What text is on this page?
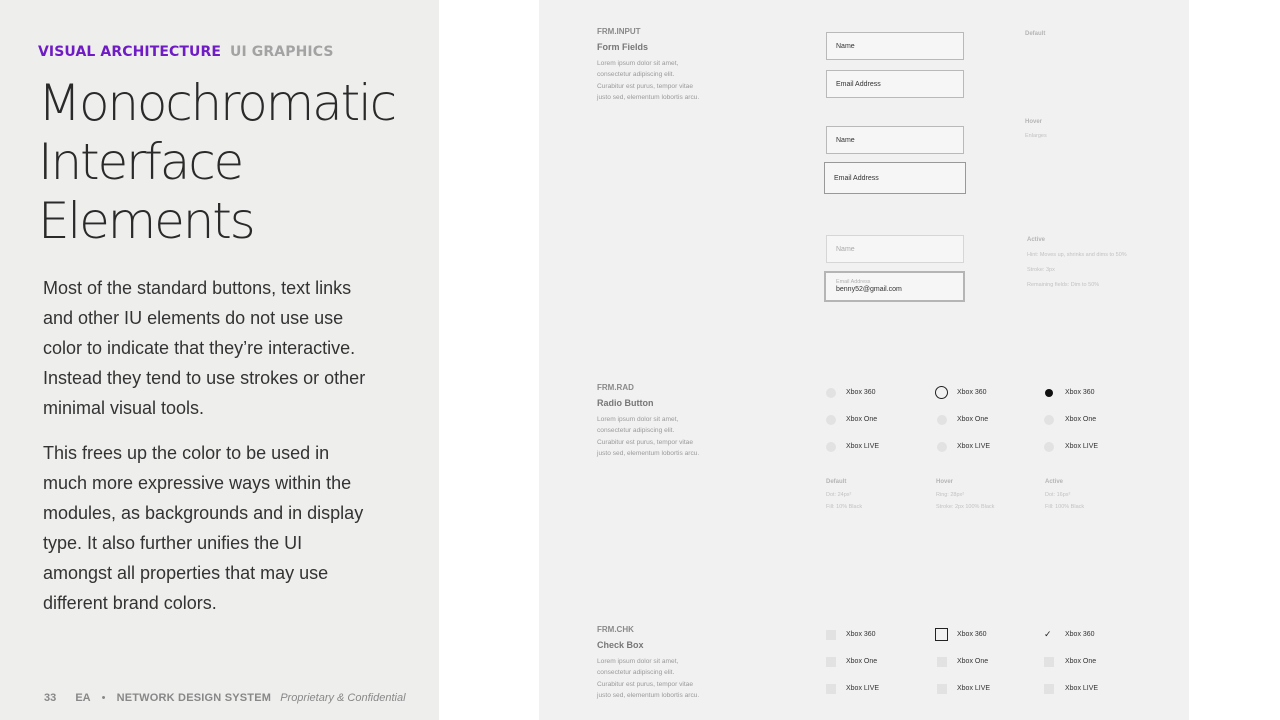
VISUAL ARCHITECTURE UI GRAPHICS
Monochromatic
Interface
Elements

Most of the standard buttons, text links and other IU elements do not use use color to indicate that they’re interactive. Instead they tend to use strokes or other minimal visual tools.

This frees up the color to be used in much more expressive ways within the modules, as backgrounds and in display type. It also further unifies the UI amongst all properties that may use different brand colors.

33 EA • NETWORK DESIGN SYSTEM Proprietary & Confidential
FRM.INPUT
Form Fields
Lorem ipsum dolor sit amet,
consectetur adipiscing elit.
Curabitur est purus, tempor vitae
justo sed, elementum lobortis arcu.
Name
Email Address
Default
Name
Email Address
Hover
Enlarges
Name
Email Address
benny52@gmail.com
Active
Hint: Moves up, shrinks and dims to 50%
Stroke: 3px
Remaining fields: Dim to 50%
FRM.RAD
Radio Button
Lorem ipsum dolor sit amet,
consectetur adipiscing elit.
Curabitur est purus, tempor vitae
justo sed, elementum lobortis arcu.
Xbox 360
Xbox One
Xbox LIVE
Xbox 360
Xbox One
Xbox LIVE
Xbox 360
Xbox One
Xbox LIVE
Default
Dot: 24px²
Fill: 10% Black
Hover
Ring: 28px²
Stroke: 2px 100% Black
Active
Dot: 16px²
Fill: 100% Black
FRM.CHK
Check Box
Lorem ipsum dolor sit amet,
consectetur adipiscing elit.
Curabitur est purus, tempor vitae
justo sed, elementum lobortis arcu.
Xbox 360
Xbox One
Xbox LIVE
Xbox 360
Xbox One
Xbox LIVE
✓ Xbox 360
Xbox One
Xbox LIVE
